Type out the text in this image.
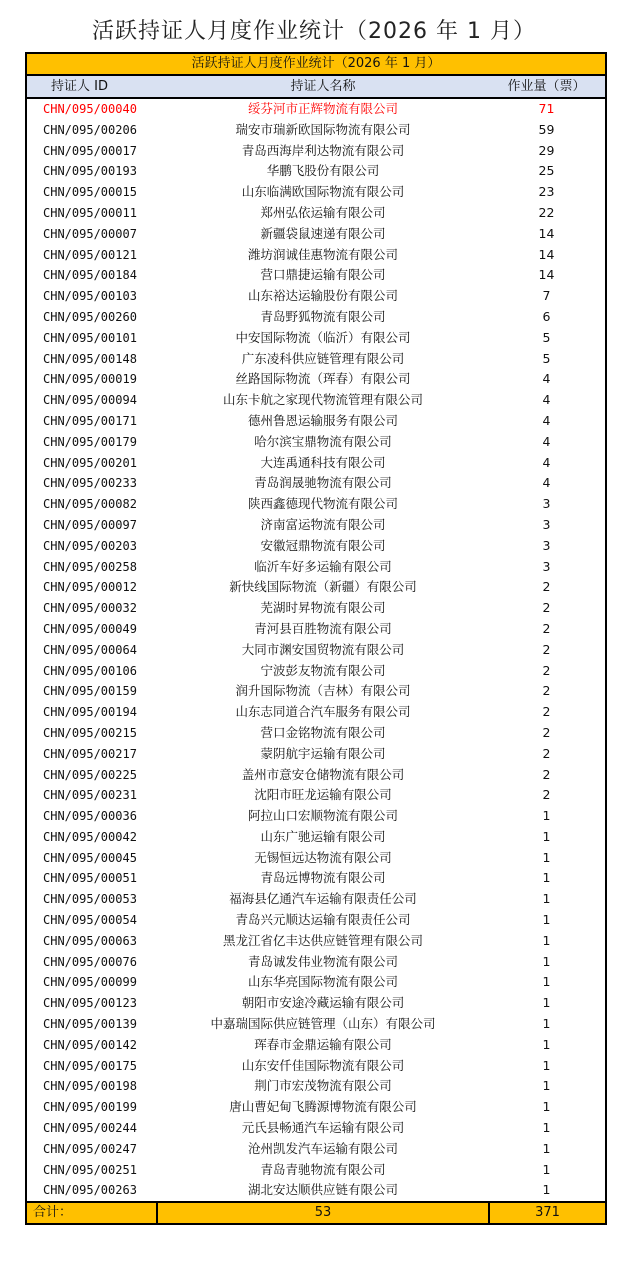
活跃持证人月度作业统计（2026 年 1 月）
活跃持证人月度作业统计（2026 年 1 月）
持证人 ID	持证人名称	作业量（票）
CHN/095/00040	绥芬河市正辉物流有限公司	71
CHN/095/00206	瑞安市瑞新欧国际物流有限公司	59
CHN/095/00017	青岛西海岸利达物流有限公司	29
CHN/095/00193	华鹏飞股份有限公司	25
CHN/095/00015	山东临满欧国际物流有限公司	23
CHN/095/00011	郑州弘依运输有限公司	22
CHN/095/00007	新疆袋鼠速递有限公司	14
CHN/095/00121	潍坊润诚佳惠物流有限公司	14
CHN/095/00184	营口鼎捷运输有限公司	14
CHN/095/00103	山东裕达运输股份有限公司	7
CHN/095/00260	青岛野狐物流有限公司	6
CHN/095/00101	中安国际物流（临沂）有限公司	5
CHN/095/00148	广东凌科供应链管理有限公司	5
CHN/095/00019	丝路国际物流（珲春）有限公司	4
CHN/095/00094	山东卡航之家现代物流管理有限公司	4
CHN/095/00171	德州鲁恩运输服务有限公司	4
CHN/095/00179	哈尔滨宝鼎物流有限公司	4
CHN/095/00201	大连禹通科技有限公司	4
CHN/095/00233	青岛润晟驰物流有限公司	4
CHN/095/00082	陕西鑫德现代物流有限公司	3
CHN/095/00097	济南富运物流有限公司	3
CHN/095/00203	安徽冠鼎物流有限公司	3
CHN/095/00258	临沂车好多运输有限公司	3
CHN/095/00012	新快线国际物流（新疆）有限公司	2
CHN/095/00032	芜湖时昇物流有限公司	2
CHN/095/00049	青河县百胜物流有限公司	2
CHN/095/00064	大同市渊安国贸物流有限公司	2
CHN/095/00106	宁波彭友物流有限公司	2
CHN/095/00159	润升国际物流（吉林）有限公司	2
CHN/095/00194	山东志同道合汽车服务有限公司	2
CHN/095/00215	营口金铭物流有限公司	2
CHN/095/00217	蒙阴航宇运输有限公司	2
CHN/095/00225	盖州市意安仓储物流有限公司	2
CHN/095/00231	沈阳市旺龙运输有限公司	2
CHN/095/00036	阿拉山口宏顺物流有限公司	1
CHN/095/00042	山东广驰运输有限公司	1
CHN/095/00045	无锡恒远达物流有限公司	1
CHN/095/00051	青岛远博物流有限公司	1
CHN/095/00053	福海县亿通汽车运输有限责任公司	1
CHN/095/00054	青岛兴元顺达运输有限责任公司	1
CHN/095/00063	黑龙江省亿丰达供应链管理有限公司	1
CHN/095/00076	青岛诚发伟业物流有限公司	1
CHN/095/00099	山东华亮国际物流有限公司	1
CHN/095/00123	朝阳市安途冷藏运输有限公司	1
CHN/095/00139	中嘉瑞国际供应链管理（山东）有限公司	1
CHN/095/00142	珲春市金鼎运输有限公司	1
CHN/095/00175	山东安仟佳国际物流有限公司	1
CHN/095/00198	荆门市宏茂物流有限公司	1
CHN/095/00199	唐山曹妃甸飞腾源博物流有限公司	1
CHN/095/00244	元氏县畅通汽车运输有限公司	1
CHN/095/00247	沧州凯发汽车运输有限公司	1
CHN/095/00251	青岛青驰物流有限公司	1
CHN/095/00263	湖北安达顺供应链有限公司	1
合计：	53	371
